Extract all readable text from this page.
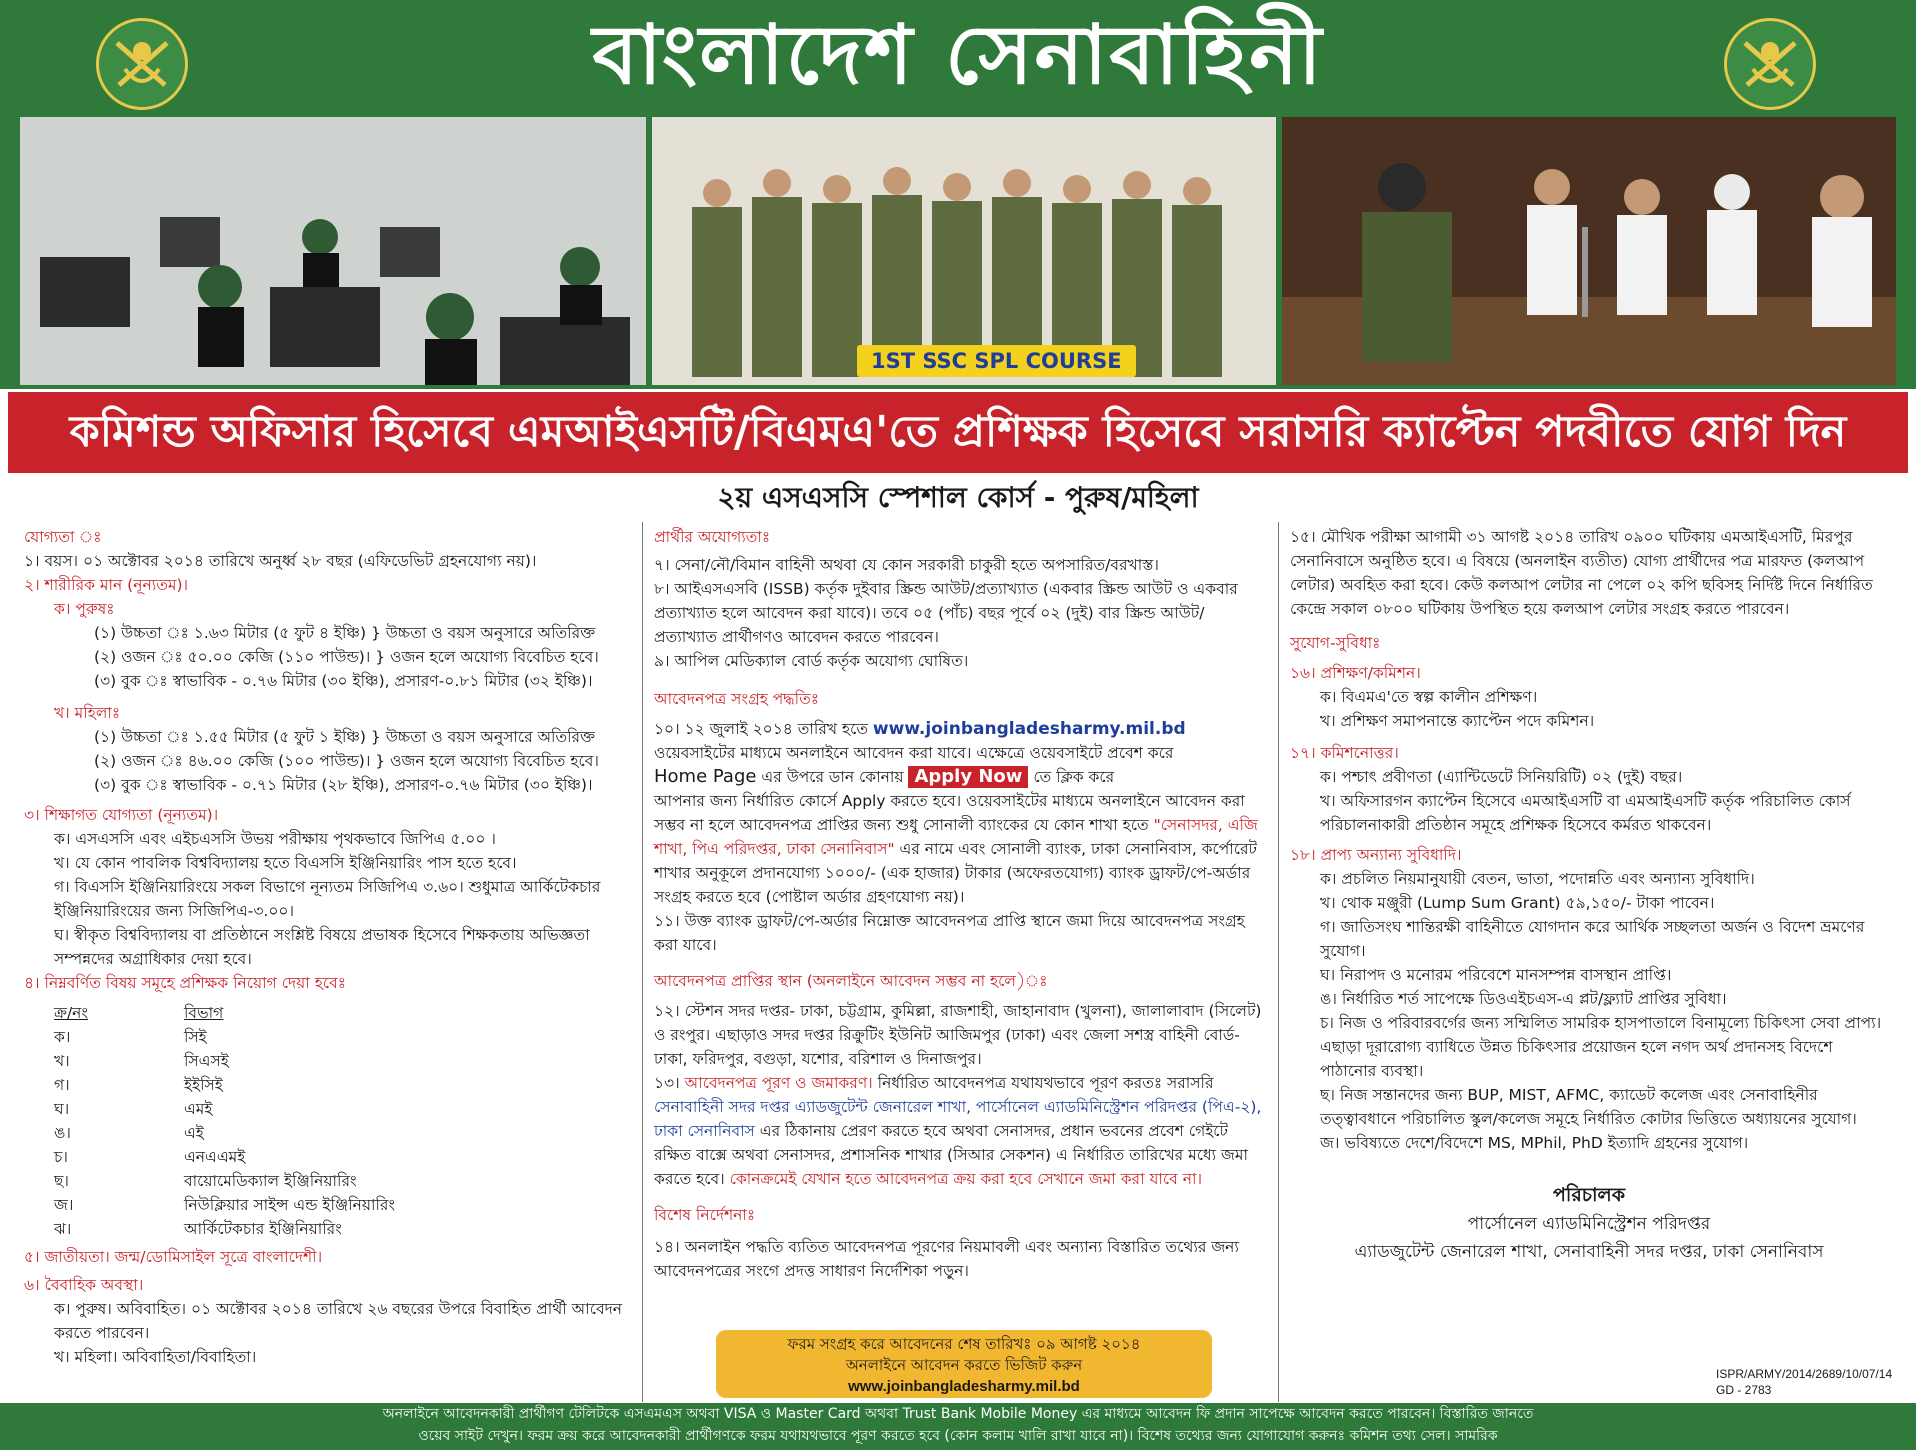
বাংলাদেশ সেনাবাহিনী
1ST SSC SPL COURSE
কমিশন্ড অফিসার হিসেবে এমআইএসটি/বিএমএ'তে প্রশিক্ষক হিসেবে সরাসরি ক্যাপ্টেন পদবীতে যোগ দিন
২য় এসএসসি স্পেশাল কোর্স - পুরুষ/মহিলা
যোগ্যতা ঃ
১। বয়স। ০১ অক্টোবর ২০১৪ তারিখে অনুর্ধ্ব ২৮ বছর (এফিডেভিট গ্রহনযোগ্য নয়)।
২। শারীরিক মান (নূন্যতম)।
ক। পুরুষঃ
(১) উচ্চতা ঃ ১.৬৩ মিটার (৫ ফুট ৪ ইঞ্চি) } উচ্চতা ও বয়স অনুসারে অতিরিক্ত
(২) ওজন ঃ ৫০.০০ কেজি (১১০ পাউন্ড)। } ওজন হলে অযোগ্য বিবেচিত হবে।
(৩) বুক ঃ স্বাভাবিক - ০.৭৬ মিটার (৩০ ইঞ্চি), প্রসারণ-০.৮১ মিটার (৩২ ইঞ্চি)।
খ। মহিলাঃ
(১) উচ্চতা ঃ ১.৫৫ মিটার (৫ ফুট ১ ইঞ্চি) } উচ্চতা ও বয়স অনুসারে অতিরিক্ত
(২) ওজন ঃ ৪৬.০০ কেজি (১০০ পাউন্ড)। } ওজন হলে অযোগ্য বিবেচিত হবে।
(৩) বুক ঃ স্বাভাবিক - ০.৭১ মিটার (২৮ ইঞ্চি), প্রসারণ-০.৭৬ মিটার (৩০ ইঞ্চি)।
৩। শিক্ষাগত যোগ্যতা (নূন্যতম)।
ক। এসএসসি এবং এইচএসসি উভয় পরীক্ষায় পৃথকভাবে জিপিএ ৫.০০ ।
খ। যে কোন পাবলিক বিশ্ববিদ্যালয় হতে বিএসসি ইঞ্জিনিয়ারিং পাস হতে হবে।
গ। বিএসসি ইঞ্জিনিয়ারিংয়ে সকল বিভাগে নূন্যতম সিজিপিএ ৩.৬০। শুধুমাত্র আর্কিটেকচার ইঞ্জিনিয়ারিংয়ের জন্য সিজিপিএ-৩.০০।
ঘ। স্বীকৃত বিশ্ববিদ্যালয় বা প্রতিষ্ঠানে সংশ্লিষ্ট বিষয়ে প্রভাষক হিসেবে শিক্ষকতায় অভিজ্ঞতা সম্পন্নদের অগ্রাধিকার দেয়া হবে।
৪। নিম্নবর্ণিত বিষয় সমূহে প্রশিক্ষক নিয়োগ দেয়া হবেঃ
ক্র/নং	বিভাগ
ক।	সিই
খ।	সিএসই
গ।	ইইসিই
ঘ।	এমই
ঙ।	এই
চ।	এনএএমই
ছ।	বায়োমেডিক্যাল ইঞ্জিনিয়ারিং
জ।	নিউক্লিয়ার সাইন্স এন্ড ইঞ্জিনিয়ারিং
ঝ।	আর্কিটেকচার ইঞ্জিনিয়ারিং
৫। জাতীয়তা। জন্ম/ডোমিসাইল সূত্রে বাংলাদেশী।
৬। বৈবাহিক অবস্থা।
ক। পুরুষ। অবিবাহিত। ০১ অক্টোবর ২০১৪ তারিখে ২৬ বছরের উপরে বিবাহিত প্রার্থী আবেদন করতে পারবেন।
খ। মহিলা। অবিবাহিতা/বিবাহিতা।
প্রার্থীর অযোগ্যতাঃ
৭। সেনা/নৌ/বিমান বাহিনী অথবা যে কোন সরকারী চাকুরী হতে অপসারিত/বরখাস্ত।
৮। আইএসএসবি (ISSB) কর্তৃক দুইবার স্ক্রিন্ড আউট/প্রত্যাখ্যাত (একবার স্ক্রিন্ড আউট ও একবার প্রত্যাখ্যাত হলে আবেদন করা যাবে)। তবে ০৫ (পাঁচ) বছর পূর্বে ০২ (দুই) বার স্ক্রিন্ড আউট/প্রত্যাখ্যাত প্রার্থীগণও আবেদন করতে পারবেন।
৯। আপিল মেডিক্যাল বোর্ড কর্তৃক অযোগ্য ঘোষিত।
আবেদনপত্র সংগ্রহ পদ্ধতিঃ
১০। ১২ জুলাই ২০১৪ তারিখ হতে www.joinbangladesharmy.mil.bd
ওয়েবসাইটের মাধ্যমে অনলাইনে আবেদন করা যাবে। এক্ষেত্রে ওয়েবসাইটে প্রবেশ করে
Home Page এর উপরে ডান কোনায় Apply Now তে ক্লিক করে
আপনার জন্য নির্ধারিত কোর্সে Apply করতে হবে। ওয়েবসাইটের মাধ্যমে অনলাইনে আবেদন করা সম্ভব না হলে আবেদনপত্র প্রাপ্তির জন্য শুধু সোনালী ব্যাংকের যে কোন শাখা হতে "সেনাসদর, এজি শাখা, পিএ পরিদপ্তর, ঢাকা সেনানিবাস" এর নামে এবং সোনালী ব্যাংক, ঢাকা সেনানিবাস, কর্পোরেট শাখার অনুকূলে প্রদানযোগ্য ১০০০/- (এক হাজার) টাকার (অফেরতযোগ্য) ব্যাংক ড্রাফট/পে-অর্ডার সংগ্রহ করতে হবে (পোষ্টাল অর্ডার গ্রহণযোগ্য নয়)।
১১। উক্ত ব্যাংক ড্রাফট/পে-অর্ডার নিম্নোক্ত আবেদনপত্র প্রাপ্তি স্থানে জমা দিয়ে আবেদনপত্র সংগ্রহ করা যাবে।
আবেদনপত্র প্রাপ্তির স্থান (অনলাইনে আবেদন সম্ভব না হলে)ঃ
১২। স্টেশন সদর দপ্তর- ঢাকা, চট্টগ্রাম, কুমিল্লা, রাজশাহী, জাহানাবাদ (খুলনা), জালালাবাদ (সিলেট) ও রংপুর। এছাড়াও সদর দপ্তর রিক্রুটিং ইউনিট আজিমপুর (ঢাকা) এবং জেলা সশস্ত্র বাহিনী বোর্ড- ঢাকা, ফরিদপুর, বগুড়া, যশোর, বরিশাল ও দিনাজপুর।
১৩। আবেদনপত্র পূরণ ও জমাকরণ। নির্ধারিত আবেদনপত্র যথাযথভাবে পূরণ করতঃ সরাসরি সেনাবাহিনী সদর দপ্তর এ্যাডজুটেন্ট জেনারেল শাখা, পার্সোনেল এ্যাডমিনিস্ট্রেশন পরিদপ্তর (পিএ-২), ঢাকা সেনানিবাস এর ঠিকানায় প্রেরণ করতে হবে অথবা সেনাসদর, প্রধান ভবনের প্রবেশ গেইটে রক্ষিত বাক্সে অথবা সেনাসদর, প্রশাসনিক শাখার (সিআর সেকশন) এ নির্ধারিত তারিখের মধ্যে জমা করতে হবে। কোনক্রমেই যেখান হতে আবেদনপত্র ক্রয় করা হবে সেখানে জমা করা যাবে না।
বিশেষ নির্দেশনাঃ
১৪। অনলাইন পদ্ধতি ব্যতিত আবেদনপত্র পূরণের নিয়মাবলী এবং অন্যান্য বিস্তারিত তথ্যের জন্য আবেদনপত্রের সংগে প্রদত্ত সাধারণ নির্দেশিকা পড়ুন।
১৫। মৌখিক পরীক্ষা আগামী ৩১ আগষ্ট ২০১৪ তারিখ ০৯০০ ঘটিকায় এমআইএসটি, মিরপুর সেনানিবাসে অনুষ্ঠিত হবে। এ বিষয়ে (অনলাইন ব্যতীত) যোগ্য প্রার্থীদের পত্র মারফত (কলআপ লেটার) অবহিত করা হবে। কেউ কলআপ লেটার না পেলে ০২ কপি ছবিসহ নির্দিষ্ট দিনে নির্ধারিত কেন্দ্রে সকাল ০৮০০ ঘটিকায় উপস্থিত হয়ে কলআপ লেটার সংগ্রহ করতে পারবেন।
সুযোগ-সুবিধাঃ
১৬। প্রশিক্ষণ/কমিশন।
ক। বিএমএ'তে স্বল্প কালীন প্রশিক্ষণ।
খ। প্রশিক্ষণ সমাপনান্তে ক্যাপ্টেন পদে কমিশন।
১৭। কমিশনোত্তর।
ক। পশ্চাৎ প্রবীণতা (এ্যান্টিডেটে সিনিয়রিটি) ০২ (দুই) বছর।
খ। অফিসারগন ক্যাপ্টেন হিসেবে এমআইএসটি বা এমআইএসটি কর্তৃক পরিচালিত কোর্স পরিচালনাকারী প্রতিষ্ঠান সমূহে প্রশিক্ষক হিসেবে কর্মরত থাকবেন।
১৮। প্রাপ্য অন্যান্য সুবিধাদি।
ক। প্রচলিত নিয়মানুযায়ী বেতন, ভাতা, পদোন্নতি এবং অন্যান্য সুবিধাদি।
খ। থোক মঞ্জুরী (Lump Sum Grant) ৫৯,১৫০/- টাকা পাবেন।
গ। জাতিসংঘ শান্তিরক্ষী বাহিনীতে যোগদান করে আর্থিক সচ্ছলতা অর্জন ও বিদেশ ভ্রমণের সুযোগ।
ঘ। নিরাপদ ও মনোরম পরিবেশে মানসম্পন্ন বাসস্থান প্রাপ্তি।
ঙ। নির্ধারিত শর্ত সাপেক্ষে ডিওএইচএস-এ প্লট/ফ্ল্যাট প্রাপ্তির সুবিধা।
চ। নিজ ও পরিবারবর্গের জন্য সম্মিলিত সামরিক হাসপাতালে বিনামূল্যে চিকিৎসা সেবা প্রাপ্য। এছাড়া দূরারোগ্য ব্যাধিতে উন্নত চিকিৎসার প্রয়োজন হলে নগদ অর্থ প্রদানসহ বিদেশে পাঠানোর ব্যবস্থা।
ছ। নিজ সন্তানদের জন্য BUP, MIST, AFMC, ক্যাডেট কলেজ এবং সেনাবাহিনীর তত্ত্বাবধানে পরিচালিত স্কুল/কলেজ সমূহে নির্ধারিত কোটার ভিত্তিতে অধ্যায়নের সুযোগ।
জ। ভবিষ্যতে দেশে/বিদেশে MS, MPhil, PhD ইত্যাদি গ্রহনের সুযোগ।
পরিচালক
পার্সোনেল এ্যাডমিনিস্ট্রেশন পরিদপ্তর
এ্যাডজুটেন্ট জেনারেল শাখা, সেনাবাহিনী সদর দপ্তর, ঢাকা সেনানিবাস
ISPR/ARMY/2014/2689/10/07/14
GD - 2783
ফরম সংগ্রহ করে আবেদনের শেষ তারিখঃ ০৯ আগষ্ট ২০১৪
অনলাইনে আবেদন করতে ভিজিট করুন
www.joinbangladesharmy.mil.bd
অনলাইনে আবেদনকারী প্রার্থীগণ টেলিটকে এসএমএস অথবা VISA ও Master Card অথবা Trust Bank Mobile Money এর মাধ্যমে আবেদন ফি প্রদান সাপেক্ষে আবেদন করতে পারবেন। বিস্তারিত জানতে
ওয়েব সাইট দেখুন। ফরম ক্রয় করে আবেদনকারী প্রার্থীগণকে ফরম যথাযথভাবে পূরণ করতে হবে (কোন কলাম খালি রাখা যাবে না)। বিশেষ তথ্যের জন্য যোগাযোগ করুনঃ কমিশন তথ্য সেল। সামরিক
